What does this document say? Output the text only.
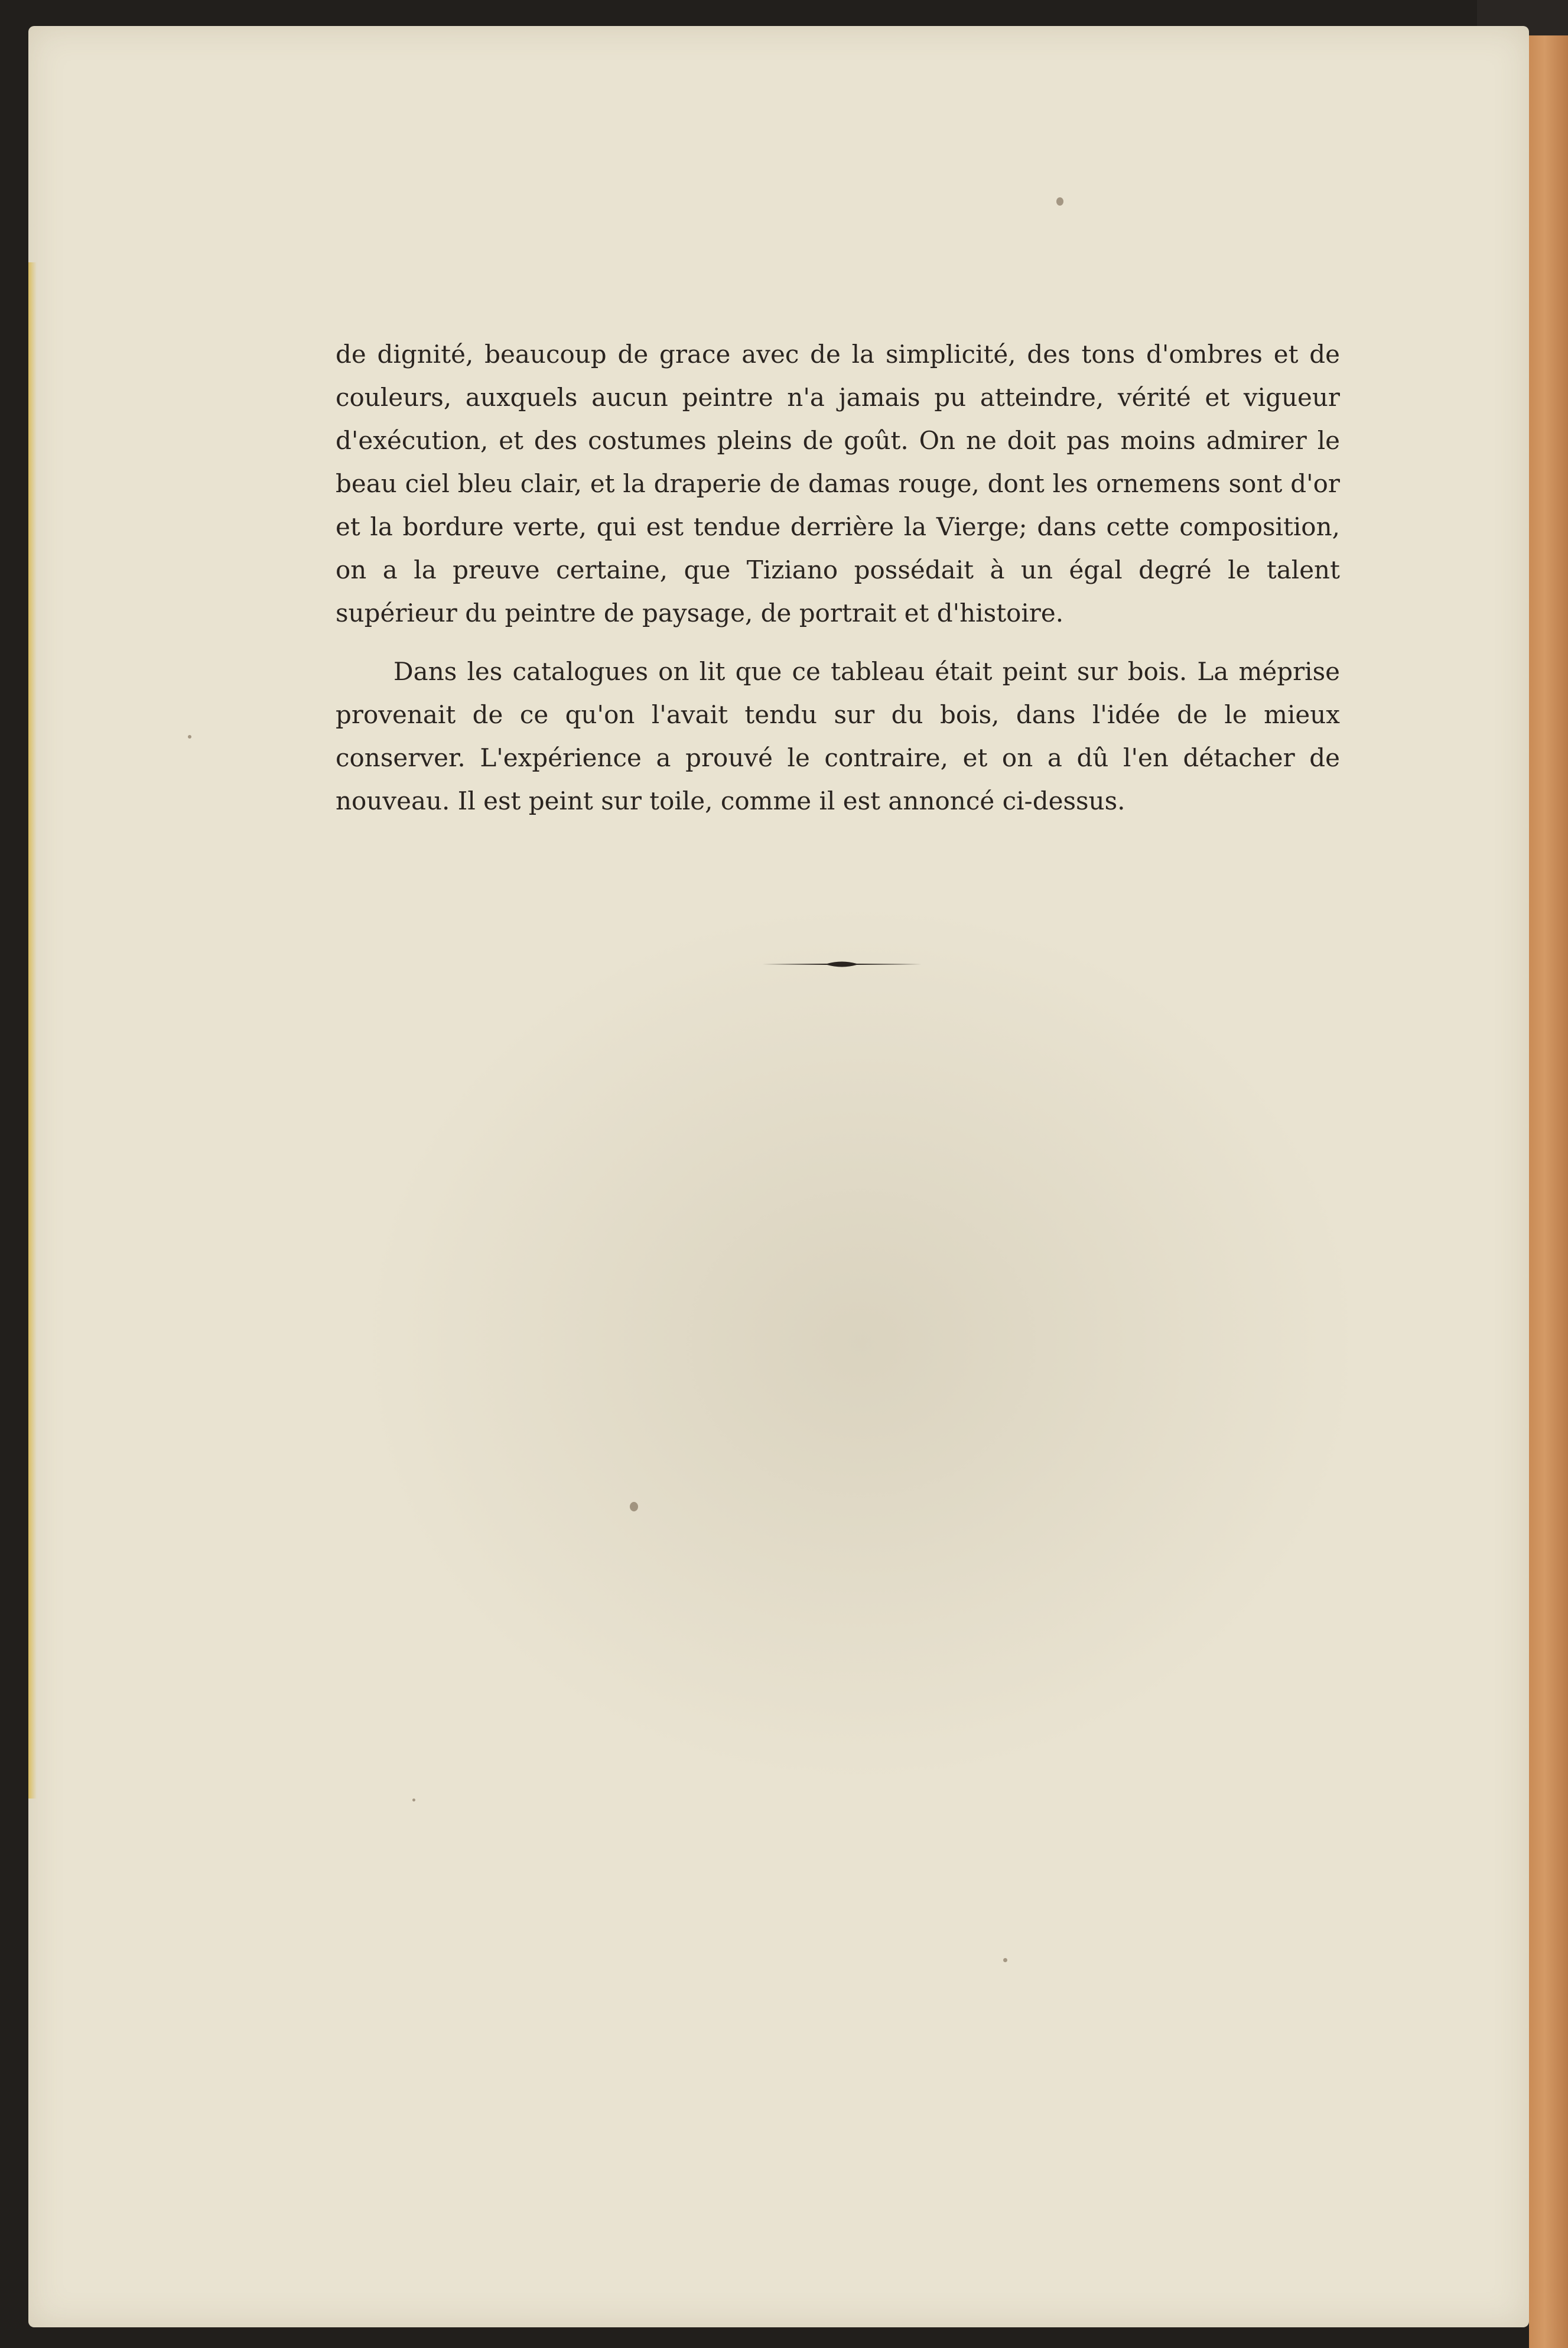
de dignité, beaucoup de grace avec de la simplicité, des tons d'ombres et de couleurs, auxquels aucun peintre n'a jamais pu atteindre, vérité et vigueur d'exécution, et des costumes pleins de goût. On ne doit pas moins admirer le beau ciel bleu clair, et la draperie de damas rouge, dont les ornemens sont d'or et la bordure verte, qui est tendue derrière la Vierge; dans cette composition, on a la preuve certaine, que Tiziano possédait à un égal degré le talent supérieur du peintre de paysage, de portrait et d'histoire.

Dans les catalogues on lit que ce tableau était peint sur bois. La méprise provenait de ce qu'on l'avait tendu sur du bois, dans l'idée de le mieux conserver. L'expérience a prouvé le contraire, et on a dû l'en détacher de nouveau. Il est peint sur toile, comme il est annoncé ci-dessus.
